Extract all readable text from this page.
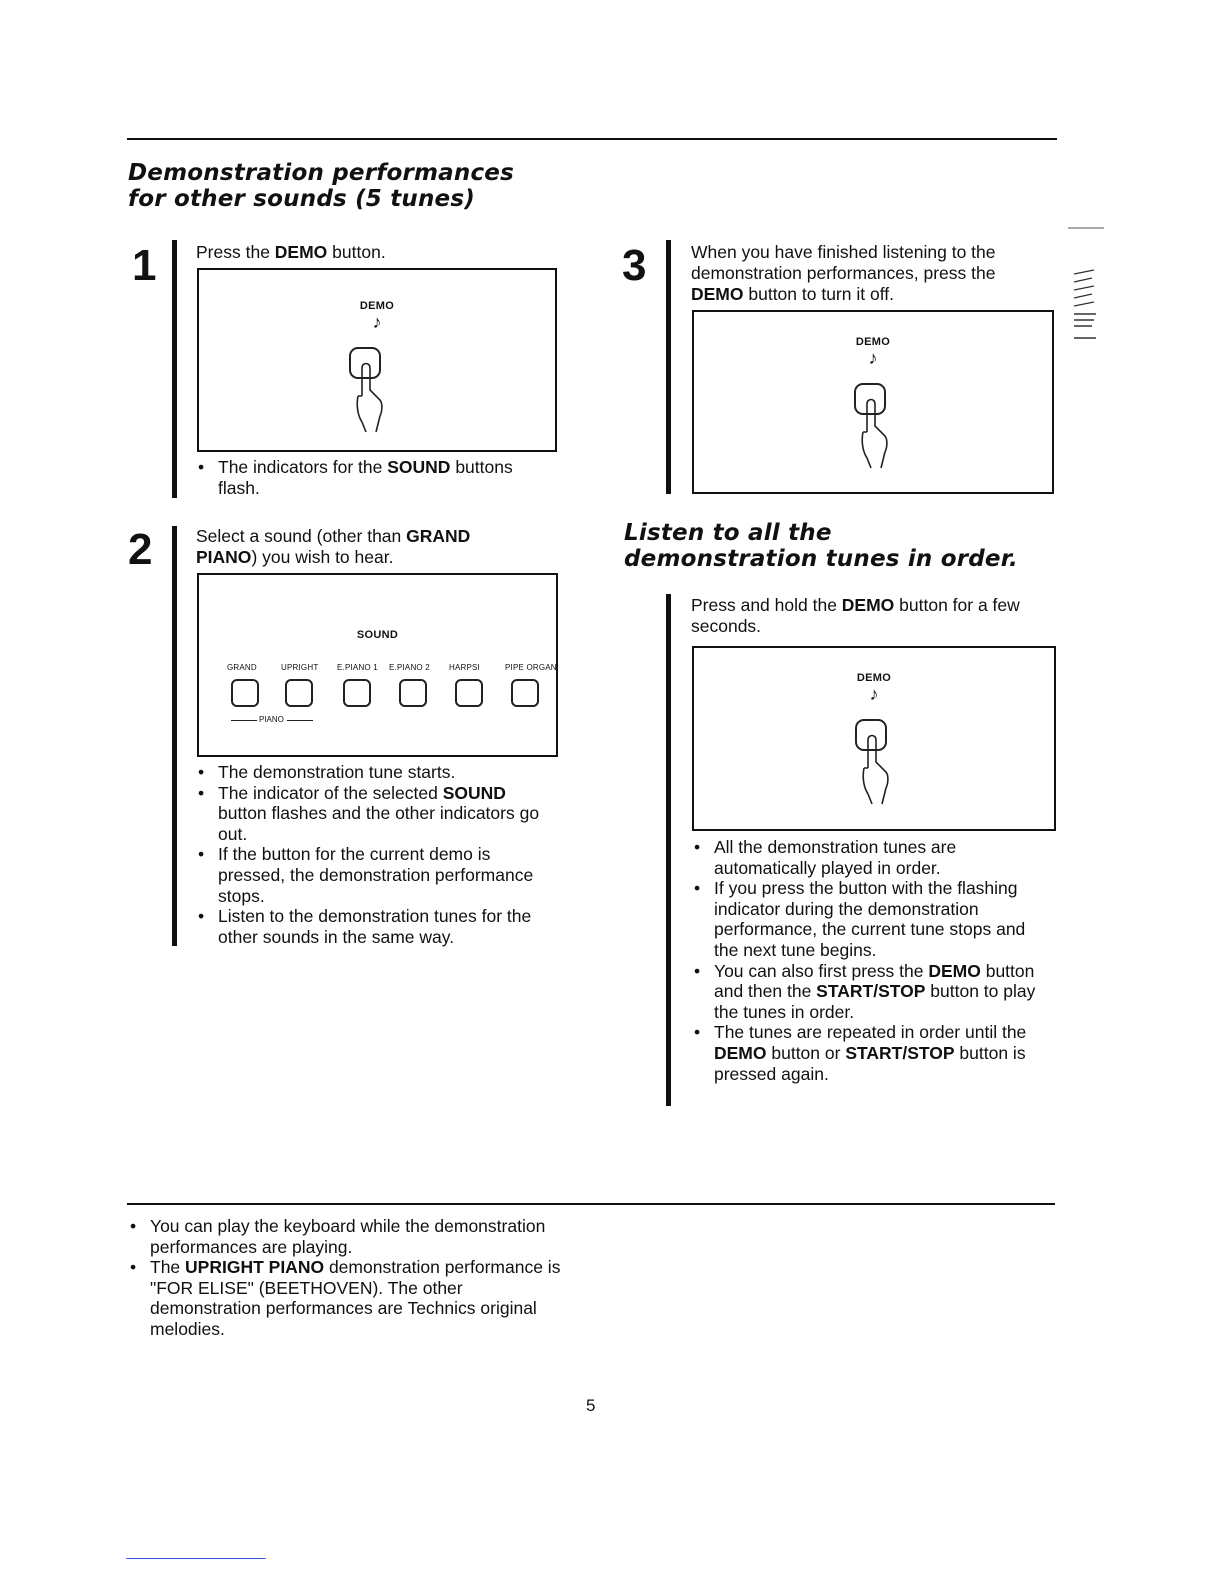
Demonstration performances
for other sounds (5 tunes)
1 Press the DEMO button.
DEMO
♪
• The indicators for the SOUND buttons flash.
2 Select a sound (other than GRAND PIANO) you wish to hear.
SOUND
GRAND	UPRIGHT E.PIANO 1 E.PIANO 2 HARPSI	PIPE ORGAN
PIANO
• The demonstration tune starts.
• The indicator of the selected SOUND button flashes and the other indicators go out.
• If the button for the current demo is pressed, the demonstration performance stops.
• Listen to the demonstration tunes for the other sounds in the same way.
3	When you have finished listening to the demonstration performances, press the DEMO button to turn it off.
DEMO
♪
Listen to all the
demonstration tunes in order.
Press and hold the DEMO button for a few seconds.
DEMO
♪
• All the demonstration tunes are automatically played in order.
• If you press the button with the flashing indicator during the demonstration performance, the current tune stops and the next tune begins.
• You can also first press the DEMO button and then the START/STOP button to play the tunes in order.
• The tunes are repeated in order until the DEMO button or START/STOP button is pressed again.
• You can play the keyboard while the demonstration performances are playing.
• The UPRIGHT PIANO demonstration performance is "FOR ELISE" (BEETHOVEN). The other demonstration performances are Technics original melodies.
5
